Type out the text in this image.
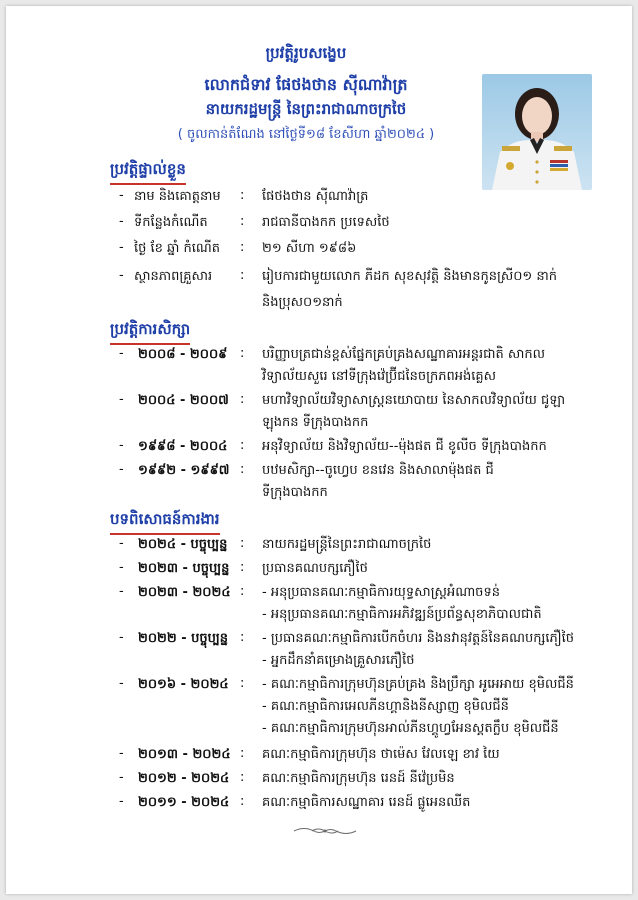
ប្រវត្តិរូបសង្ខេប
លោកជំទាវ ផែថងថាន ស៊ីណាវ៉ាត្រ
នាយករដ្ឋមន្ត្រី នៃព្រះរាជាណាចក្រថៃ
( ចូលកាន់តំណែង នៅថ្ងៃទី១៨ ខែសីហា ឆ្នាំ២០២៤ )
ប្រវត្តិផ្ទាល់ខ្លួន
- នាម និងគោត្តនាម : ផែថងថាន ស៊ីណាវ៉ាត្រ
- ទីកន្លែងកំណើត : រាជធានីបាងកក ប្រទេសថៃ
- ថ្ងៃ ខែ ឆ្នាំ កំណើត : ២១ សីហា ១៩៨៦
- ស្ថានភាពគ្រួសារ : រៀបការជាមួយលោក ភីដក សុខសុវត្តិ និងមានកូនស្រី០១ នាក់
និងប្រុស០១នាក់
ប្រវត្តិការសិក្សា
- ២០០៨ - ២០០៩ : បរិញ្ញាបត្រជាន់ខ្ពស់ផ្នែកគ្រប់គ្រងសណ្ឋាគារអន្តរជាតិ សាកល
វិទ្យាល័យសួរេ នៅទីក្រុងវ៉េប្រ៊ីជនៃចក្រភពអង់គ្លេស
- ២០០៤ - ២០០៧ : មហាវិទ្យាល័យវិទ្យាសាស្ត្រនយោបាយ នៃសាកលវិទ្យាល័យ ជូឡា
ឡុងកន ទីក្រុងបាងកក
- ១៩៩៨ - ២០០៤ : អនុវិទ្យាល័យ និងវិទ្យាល័យ--ម៉ុងផត ជី ខូលីច ទីក្រុងបាងកក
- ១៩៩២ - ១៩៩៧ : បឋមសិក្សា--ចូហ្វេប ខនវេន និងសាលាម៉ុងផត ជី
ទីក្រុងបាងកក
បទពិសោធន៍ការងារ
- ២០២៤ - បច្ចុប្បន្ន : នាយករដ្ឋមន្ត្រីនៃព្រះរាជាណាចក្រថៃ
- ២០២៣ - បច្ចុប្បន្ន : ប្រធានគណបក្សភឿថៃ
- ២០២៣ - ២០២៤ : - អនុប្រធានគណៈកម្មាធិការយុទ្ធសាស្ត្រអំណាចទន់
- អនុប្រធានគណៈកម្មាធិការអភិវឌ្ឍន៍ប្រព័ន្ធសុខាភិបាលជាតិ
- ២០២២ - បច្ចុប្បន្ន : - ប្រធានគណៈកម្មាធិការបើកចំហរ និងនវានុវត្តន៍នៃគណបក្សភឿថៃ
- អ្នកដឹកនាំគម្រោងគ្រួសារភឿថៃ
- ២០១៦ - ២០២៤ : - គណៈកម្មាធិការក្រុមហ៊ុនគ្រប់គ្រង និងប្រឹក្សា អូអេអាយ ខុមិលជីនី
- គណៈកម្មាធិការអេលភីនហ្គានិងនីស្សាញ ខុមិលជីនី
- គណៈកម្មាធិការក្រុមហ៊ុនអាល់ភីនហ្គូហ្វអែនស្គតក្លឹប ខុមិលជីនី
- ២០១៣ - ២០២៤ : គណៈកម្មាធិការក្រុមហ៊ុន ថាម៉េស វែលឡេ ខាវ យៃ
- ២០១២ - ២០២៤ : គណៈកម្មាធិការក្រុមហ៊ុន រេនដ៍ នីវ៉េប្រមិន
- ២០១១ - ២០២៤ : គណៈកម្មាធិការសណ្ឋាគារ រេនដ៍ ផ្លូអេនឈីត
